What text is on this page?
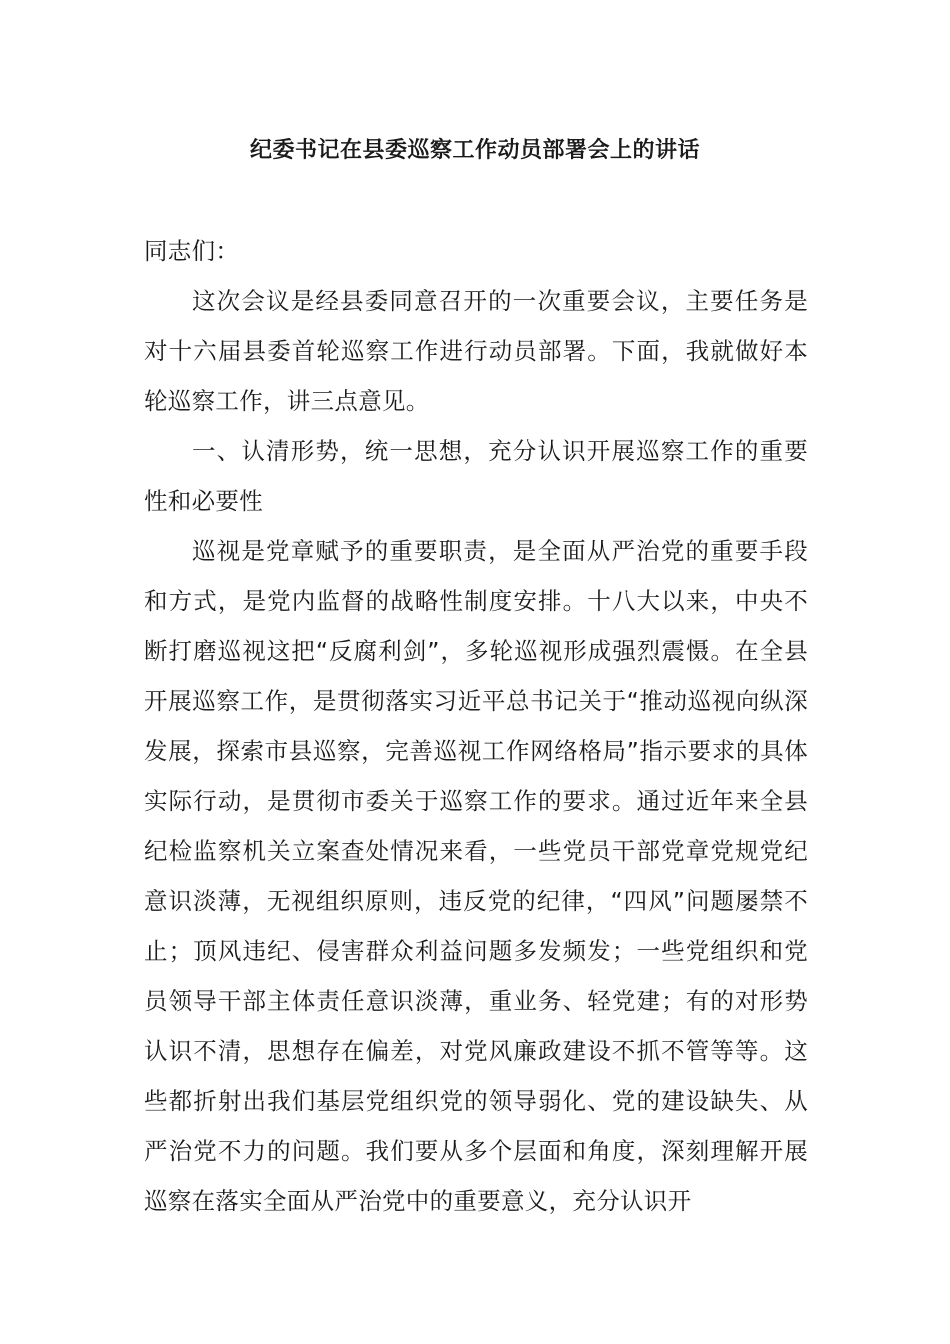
纪委书记在县委巡察工作动员部署会上的讲话

同志们：

这次会议是经县委同意召开的一次重要会议，主要任务是对十六届县委首轮巡察工作进行动员部署。下面，我就做好本轮巡察工作，讲三点意见。

一、认清形势，统一思想，充分认识开展巡察工作的重要性和必要性

巡视是党章赋予的重要职责，是全面从严治党的重要手段和方式，是党内监督的战略性制度安排。十八大以来，中央不断打磨巡视这把“反腐利剑”，多轮巡视形成强烈震慑。在全县开展巡察工作，是贯彻落实习近平总书记关于“推动巡视向纵深发展，探索市县巡察，完善巡视工作网络格局”指示要求的具体实际行动，是贯彻市委关于巡察工作的要求。通过近年来全县纪检监察机关立案查处情况来看，一些党员干部党章党规党纪意识淡薄，无视组织原则，违反党的纪律，“四风”问题屡禁不止；顶风违纪、侵害群众利益问题多发频发；一些党组织和党员领导干部主体责任意识淡薄，重业务、轻党建；有的对形势认识不清，思想存在偏差，对党风廉政建设不抓不管等等。这些都折射出我们基层党组织党的领导弱化、党的建设缺失、从严治党不力的问题。我们要从多个层面和角度，深刻理解开展巡察在落实全面从严治党中的重要意义，充分认识开
